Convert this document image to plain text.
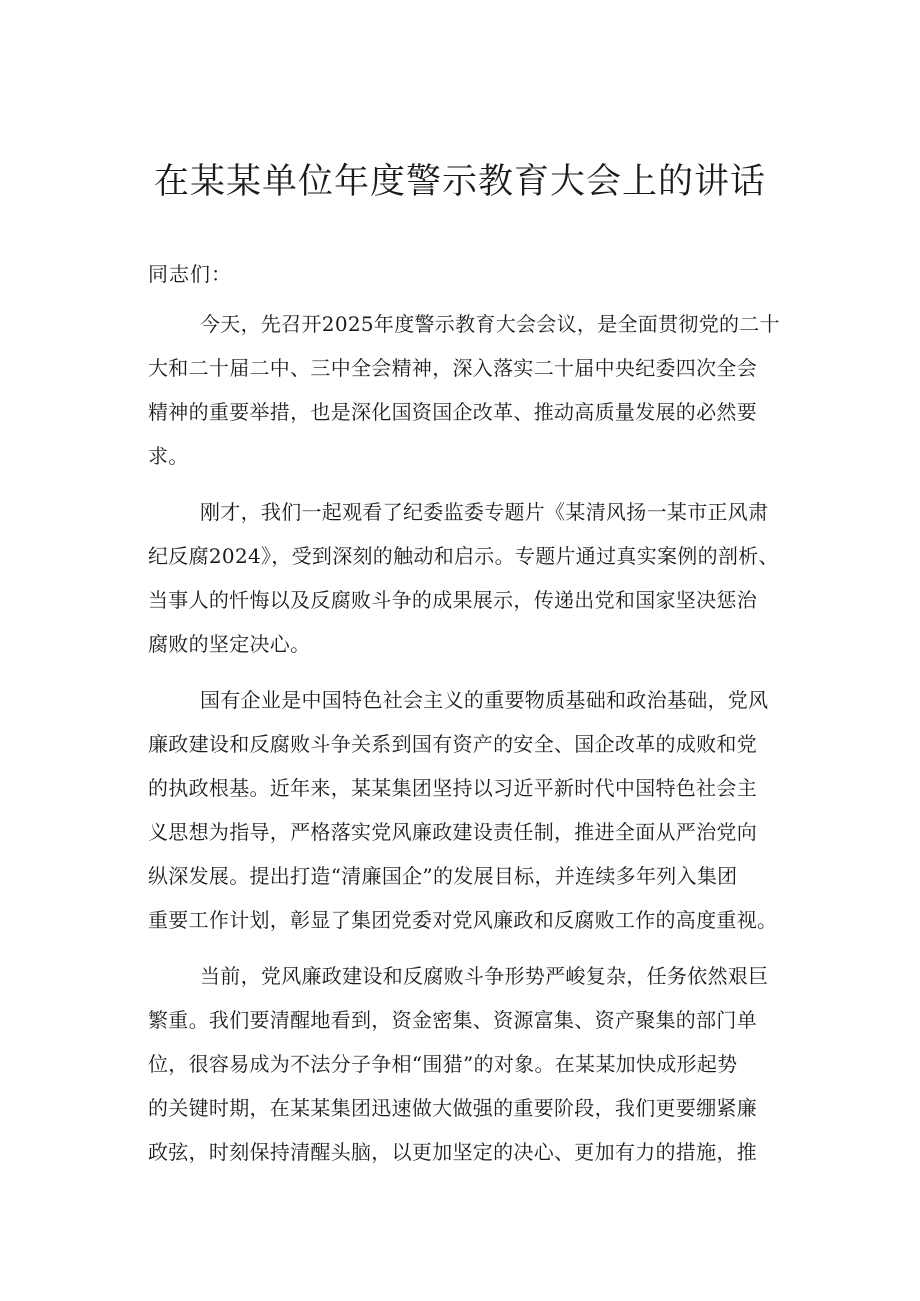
在某某单位年度警示教育大会上的讲话

同志们：

今天，先召开2025年度警示教育大会会议，是全面贯彻党的二十
大和二十届二中、三中全会精神，深入落实二十届中央纪委四次全会
精神的重要举措，也是深化国资国企改革、推动高质量发展的必然要
求。

刚才，我们一起观看了纪委监委专题片《某清风扬一某市正风肃
纪反腐2024》，受到深刻的触动和启示。专题片通过真实案例的剖析、
当事人的忏悔以及反腐败斗争的成果展示，传递出党和国家坚决惩治
腐败的坚定决心。

国有企业是中国特色社会主义的重要物质基础和政治基础，党风
廉政建设和反腐败斗争关系到国有资产的安全、国企改革的成败和党
的执政根基。近年来，某某集团坚持以习近平新时代中国特色社会主
义思想为指导，严格落实党风廉政建设责任制，推进全面从严治党向
纵深发展。提出打造“清廉国企”的发展目标，并连续多年列入集团
重要工作计划，彰显了集团党委对党风廉政和反腐败工作的高度重视。

当前，党风廉政建设和反腐败斗争形势严峻复杂，任务依然艰巨
繁重。我们要清醒地看到，资金密集、资源富集、资产聚集的部门单
位，很容易成为不法分子争相“围猎”的对象。在某某加快成形起势
的关键时期，在某某集团迅速做大做强的重要阶段，我们更要绷紧廉
政弦，时刻保持清醒头脑，以更加坚定的决心、更加有力的措施，推
